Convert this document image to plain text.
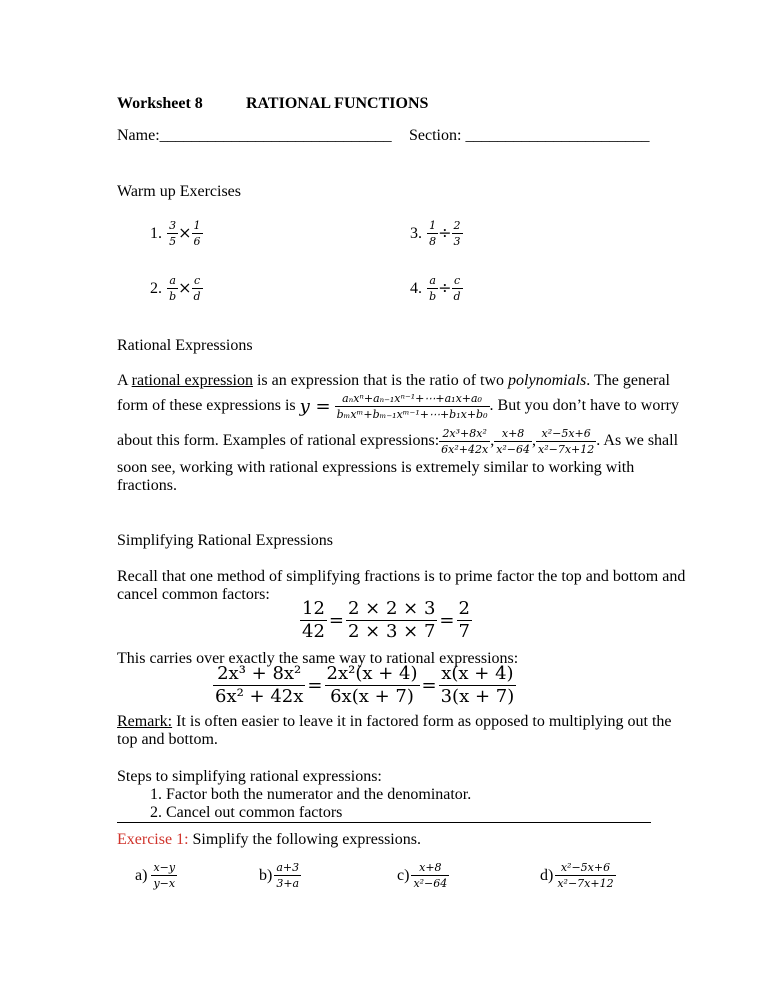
Worksheet 8	RATIONAL FUNCTIONS
Name:_____________________________ Section: _______________________
Warm up Exercises
1. $\frac{3}{5} \times \frac{1}{6}$	3. $\frac{1}{8} \div \frac{2}{3}$
2. $\frac{a}{b} \times \frac{c}{d}$	4. $\frac{a}{b} \div \frac{c}{d}$
Rational Expressions
A rational expression is an expression that is the ratio of two polynomials. The general
form of these expressions is $y = \frac{\text{aₙxⁿ+aₙ₋₁xⁿ⁻¹+⋯+a₁x+a₀}}{\text{bₘxᵐ+bₘ₋₁xᵐ⁻¹+⋯+b₁x+b₀}}$ . But you don’t have to worry
about this form. Examples of rational expressions: $\frac{\text{2x³+8x²}}{\text{6x²+42x}}$ , $\frac{x+8}{\text{x²−64}}$ , $\frac{\text{x²−5x+6}}{\text{x²−7x+12}}$ . As we shall
soon see, working with rational expressions is extremely similar to working with
fractions.
Simplifying Rational Expressions
Recall that one method of simplifying fractions is to prime factor the top and bottom and
cancel common factors:
$\frac{12}{42} = \frac{2 \times 2 \times 3}{2 \times 3 \times 7} = \frac{2}{7}$
This carries over exactly the same way to rational expressions:
$\frac{\text{2x³ + 8x²}}{\text{6x² + 42x}} = \frac{\text{2x²(x + 4)}}{6x(x + 7)} = \frac{x(x + 4)}{3(x + 7)}$
Remark: It is often easier to leave it in factored form as opposed to multiplying out the
top and bottom.
Steps to simplifying rational expressions:
1. Factor both the numerator and the denominator.
2. Cancel out common factors
Exercise 1: Simplify the following expressions.
$a) \frac{x-y}{y-x}$	$b) \frac{a+3}{3+a}$	$c) \frac{x+8}{\text{x²−64}}$	$d) \frac{\text{x²−5x+6}}{\text{x²−7x+12}}$
